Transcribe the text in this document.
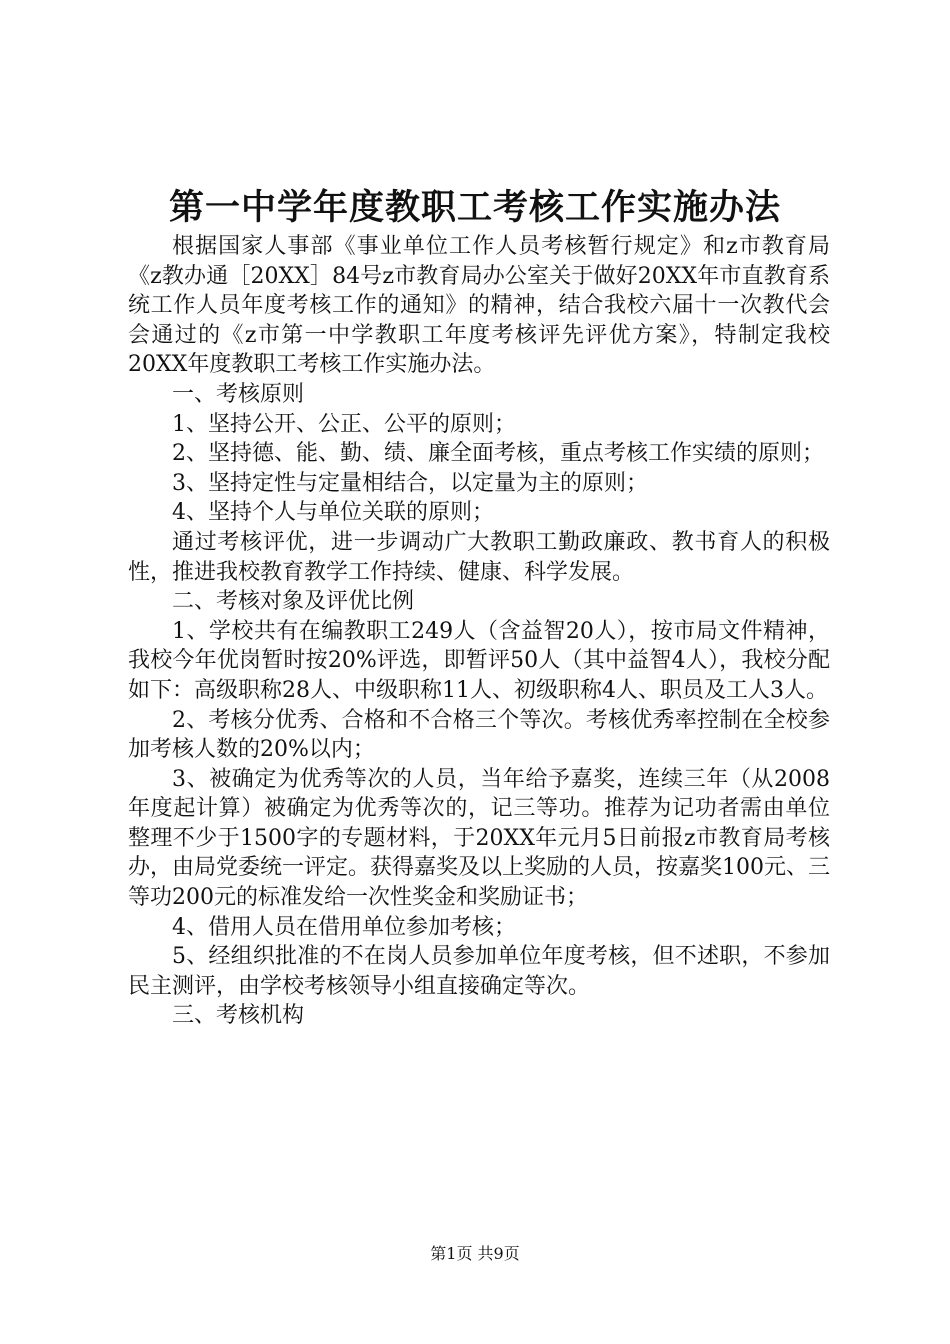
第一中学年度教职工考核工作实施办法

根据国家人事部《事业单位工作人员考核暂行规定》和z市教育局《z教办通［20XX］84号z市教育局办公室关于做好20XX年市直教育系统工作人员年度考核工作的通知》的精神，结合我校六届十一次教代会会通过的《z市第一中学教职工年度考核评先评优方案》，特制定我校20XX年度教职工考核工作实施办法。

一、考核原则

1、坚持公开、公正、公平的原则；

2、坚持德、能、勤、绩、廉全面考核，重点考核工作实绩的原则；

3、坚持定性与定量相结合，以定量为主的原则；

4、坚持个人与单位关联的原则；

通过考核评优，进一步调动广大教职工勤政廉政、教书育人的积极性，推进我校教育教学工作持续、健康、科学发展。

二、考核对象及评优比例

1、学校共有在编教职工249人（含益智20人），按市局文件精神，我校今年优岗暂时按20%评选，即暂评50人（其中益智4人），我校分配如下：高级职称28人、中级职称11人、初级职称4人、职员及工人3人。

2、考核分优秀、合格和不合格三个等次。考核优秀率控制在全校参加考核人数的20%以内；

3、被确定为优秀等次的人员，当年给予嘉奖，连续三年（从2008年度起计算）被确定为优秀等次的，记三等功。推荐为记功者需由单位整理不少于1500字的专题材料，于20XX年元月5日前报z市教育局考核办，由局党委统一评定。获得嘉奖及以上奖励的人员，按嘉奖100元、三等功200元的标准发给一次性奖金和奖励证书；

4、借用人员在借用单位参加考核；

5、经组织批准的不在岗人员参加单位年度考核，但不述职，不参加民主测评，由学校考核领导小组直接确定等次。

三、考核机构

第1页 共9页
